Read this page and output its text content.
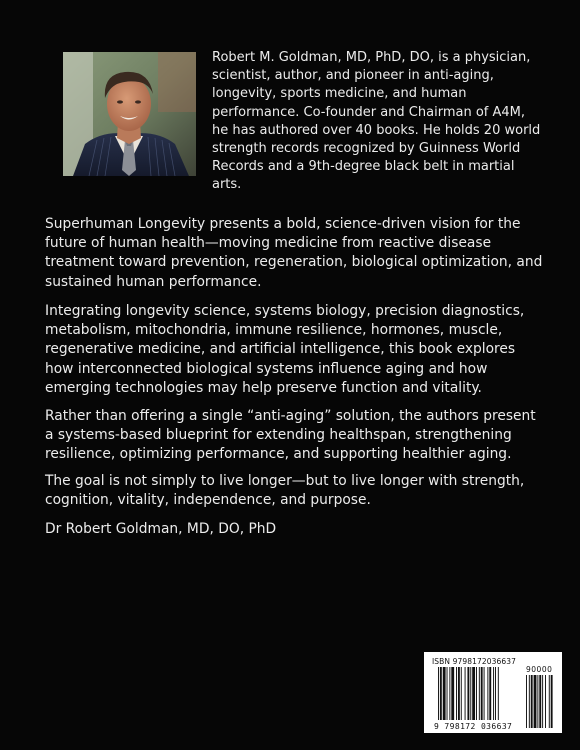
Robert M. Goldman, MD, PhD, DO, is a physician, scientist, author, and pioneer in anti-aging, longevity, sports medicine, and human performance. Co-founder and Chairman of A4M, he has authored over 40 books. He holds 20 world strength records recognized by Guinness World Records and a 9th-degree black belt in martial arts.

Superhuman Longevity presents a bold, science-driven vision for the future of human health—moving medicine from reactive disease treatment toward prevention, regeneration, biological optimization, and sustained human performance.

Integrating longevity science, systems biology, precision diagnostics, metabolism, mitochondria, immune resilience, hormones, muscle, regenerative medicine, and artificial intelligence, this book explores how interconnected biological systems influence aging and how emerging technologies may help preserve function and vitality.

Rather than offering a single “anti-aging” solution, the authors present a systems-based blueprint for extending healthspan, strengthening resilience, optimizing performance, and supporting healthier aging.

The goal is not simply to live longer—but to live longer with strength, cognition, vitality, independence, and purpose.

Dr Robert Goldman, MD, DO, PhD

ISBN 9798172036637
90000
9 798172 036637
